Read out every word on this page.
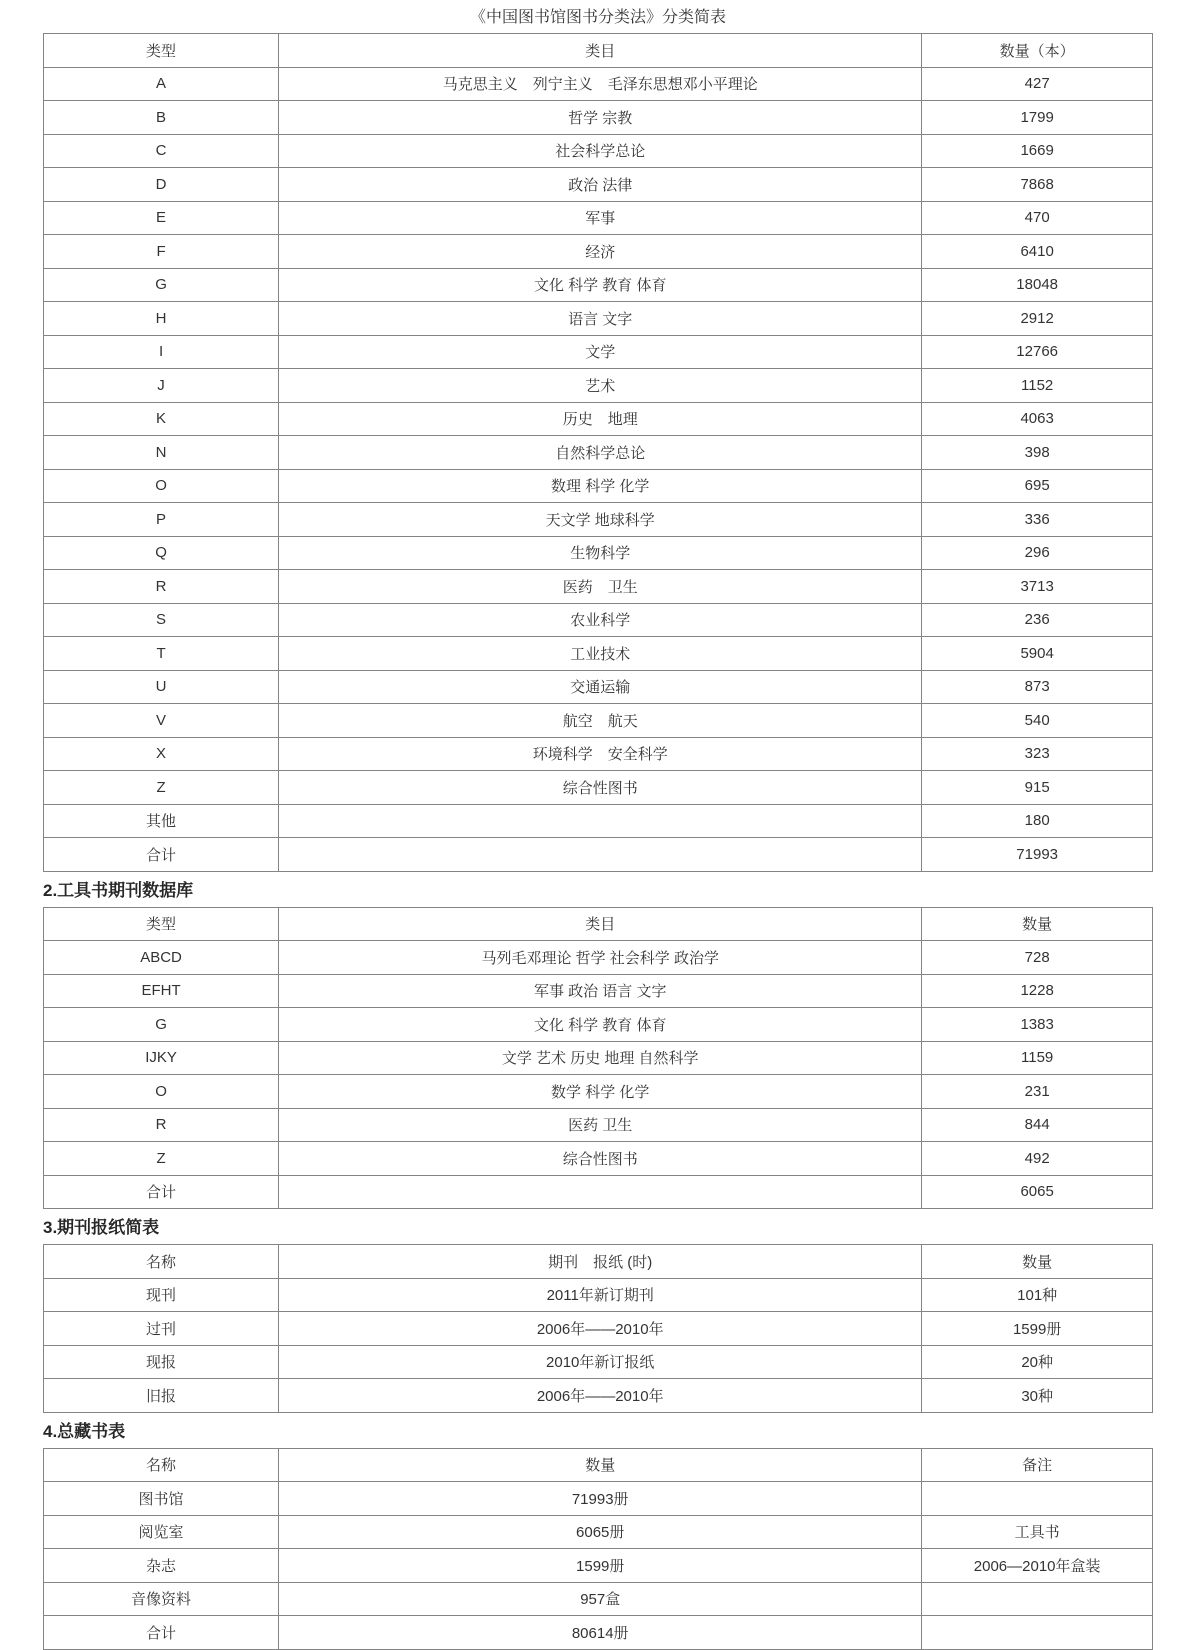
《中国图书馆图书分类法》分类简表
类型	类目	数量（本）
A	马克思主义　列宁主义　毛泽东思想邓小平理论	427
B	哲学 宗教	1799
C	社会科学总论	1669
D	政治 法律	7868
E	军事	470
F	经济	6410
G	文化 科学 教育 体育	18048
H	语言 文字	2912
I	文学	12766
J	艺术	1152
K	历史　地理	4063
N	自然科学总论	398
O	数理 科学 化学	695
P	天文学 地球科学	336
Q	生物科学	296
R	医药　卫生	3713
S	农业科学	236
T	工业技术	5904
U	交通运输	873
V	航空　航天	540
X	环境科学　安全科学	323
Z	综合性图书	915
其他		180
合计		71993
2.工具书期刊数据库
类型	类目	数量
ABCD	马列毛邓理论 哲学 社会科学 政治学	728
EFHT	军事 政治 语言 文字	1228
G	文化 科学 教育 体育	1383
IJKY	文学 艺术 历史 地理 自然科学	1159
O	数学 科学 化学	231
R	医药 卫生	844
Z	综合性图书	492
合计		6065
3.期刊报纸简表
名称	期刊　报纸 (时)	数量
现刊	2011年新订期刊	101种
过刊	2006年——2010年	1599册
现报	2010年新订报纸	20种
旧报	2006年——2010年	30种
4.总藏书表
名称	数量	备注
图书馆	71993册	
阅览室	6065册	工具书
杂志	1599册	2006—2010年盒装
音像资料	957盒	
合计	80614册	
